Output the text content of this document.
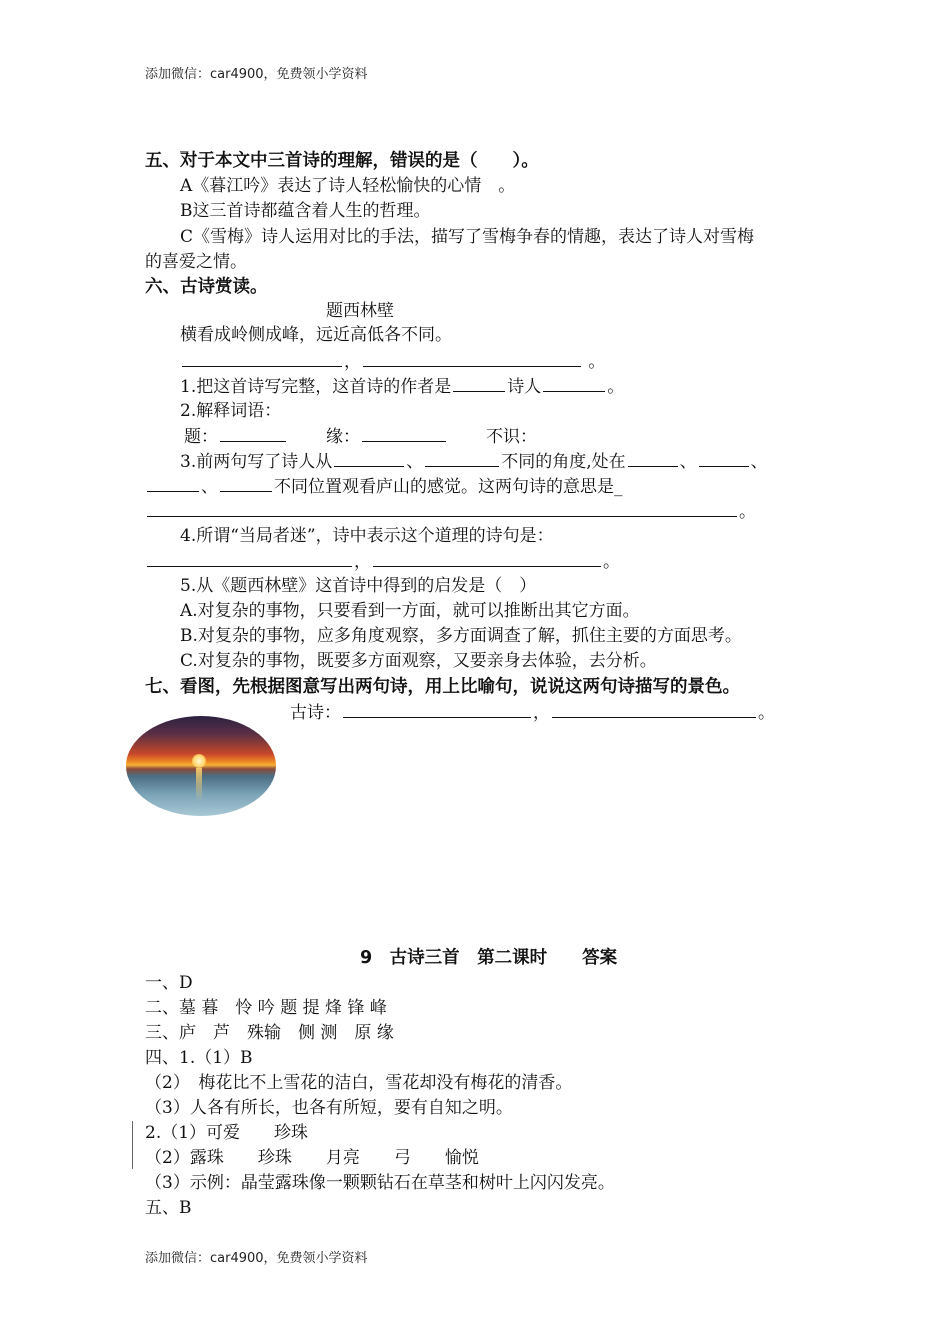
添加微信：car4900，免费领小学资料
_
五、对于本文中三首诗的理解，错误的是（　　）。
A《暮江吟》表达了诗人轻松愉快的心情　。
B这三首诗都蕴含着人生的哲理。
C《雪梅》诗人运用对比的手法，描写了雪梅争春的情趣，表达了诗人对雪梅
的喜爱之情。
六、古诗赏读。
题西林壁
横看成岭侧成峰，远近高低各不同。
，	。
1.把这首诗写完整，这首诗的作者是	诗人	。
2.解释词语：
题：	缘：	不识：
3.前两句写了诗人从	、	不同的角度,处在	、	、
、	不同位置观看庐山的感觉。这两句诗的意思是_
。
4.所谓“当局者迷”，诗中表示这个道理的诗句是：
，	。
5.从《题西林壁》这首诗中得到的启发是（　）
A.对复杂的事物，只要看到一方面，就可以推断出其它方面。
B.对复杂的事物，应多角度观察，多方面调查了解，抓住主要的方面思考。
C.对复杂的事物，既要多方面观察，又要亲身去体验，去分析。
七、看图，先根据图意写出两句诗，用上比喻句，说说这两句诗描写的景色。
古诗：	，	。
9　古诗三首　第二课时　　答案
一、D
二、墓 暮　怜 吟 题 提 烽 锋 峰
三、庐　芦　殊输　侧 测　原 缘
四、1.（1）B
（2）　梅花比不上雪花的洁白，雪花却没有梅花的清香。
（3）人各有所长，也各有所短，要有自知之明。
2.（1）可爱　　珍珠
（2）露珠　　珍珠　　月亮　　弓　　愉悦
（3）示例：晶莹露珠像一颗颗钻石在草茎和树叶上闪闪发亮。
五、B
添加微信：car4900，免费领小学资料
